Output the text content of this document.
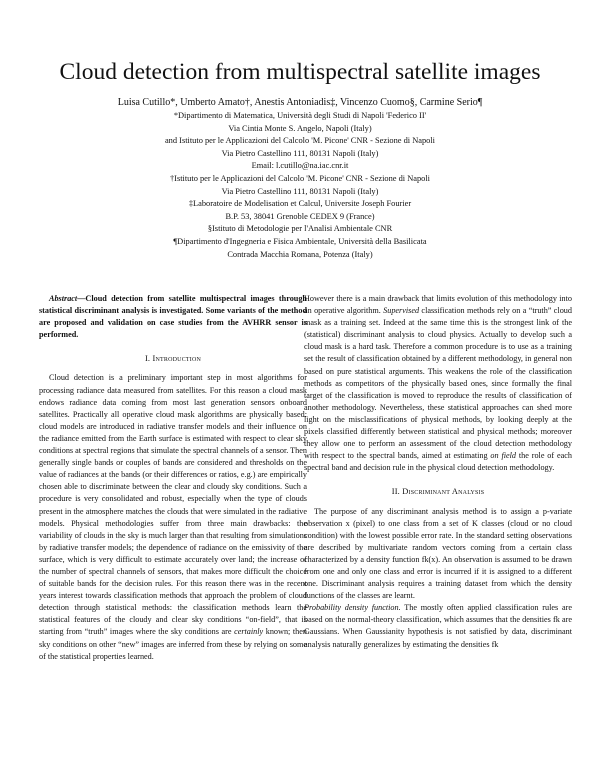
Cloud detection from multispectral satellite images
Luisa Cutillo*, Umberto Amato†, Anestis Antoniadis‡, Vincenzo Cuomo§, Carmine Serio¶
*Dipartimento di Matematica, Università degli Studi di Napoli 'Federico II'
Via Cintia Monte S. Angelo, Napoli (Italy)
and Istituto per le Applicazioni del Calcolo 'M. Picone' CNR - Sezione di Napoli
Via Pietro Castellino 111, 80131 Napoli (Italy)
Email: l.cutillo@na.iac.cnr.it
†Istituto per le Applicazioni del Calcolo 'M. Picone' CNR - Sezione di Napoli
Via Pietro Castellino 111, 80131 Napoli (Italy)
‡Laboratoire de Modelisation et Calcul, Universite Joseph Fourier
B.P. 53, 38041 Grenoble CEDEX 9 (France)
§Istituto di Metodologie per l'Analisi Ambientale CNR
¶Dipartimento d'Ingegneria e Fisica Ambientale, Università della Basilicata
Contrada Macchia Romana, Potenza (Italy)

Abstract—Cloud detection from satellite multispectral images through statistical discriminant analysis is investigated. Some variants of the method are proposed and validation on case studies from the AVHRR sensor is performed.

I. Introduction

Cloud detection is a preliminary important step in most algorithms for processing radiance data measured from satellites. For this reason a cloud mask endows radiance data coming from most last generation sensors onboard satellites. Practically all operative cloud mask algorithms are physically based: cloud models are introduced in radiative transfer models and their influence on the radiance emitted from the Earth surface is estimated with respect to clear sky conditions at spectral regions that simulate the spectral channels of a sensor. Then generally single bands or couples of bands are considered and thresholds on the value of radiances at the bands (or their differences or ratios, e.g.) are empirically chosen able to discriminate between the clear and cloudy sky conditions. Such a procedure is very consolidated and robust, especially when the type of clouds present in the atmosphere matches the clouds that were simulated in the radiative models. Physical methodologies suffer from three main drawbacks: the variability of clouds in the sky is much larger than that resulting from simulations by radiative transfer models; the dependence of radiance on the emissivity of the surface, which is very difficult to estimate accurately over land; the increase of the number of spectral channels of sensors, that makes more difficult the choice of suitable bands for the decision rules. For this reason there was in the recent years interest towards classification methods that approach the problem of cloud detection through statistical methods: the classification methods learn the statistical features of the cloudy and clear sky conditions “on-field”, that is starting from “truth” images where the sky conditions are certainly known; then sky conditions on other “new” images are inferred from these by relying on some of the statistical properties learned.

However there is a main drawback that limits evolution of this methodology into an operative algorithm. Supervised classification methods rely on a “truth” cloud mask as a training set. Indeed at the same time this is the strongest link of the (statistical) discriminant analysis to cloud physics. Actually to develop such a cloud mask is a hard task. Therefore a common procedure is to use as a training set the result of classification obtained by a different methodology, in general non based on pure statistical arguments. This weakens the role of the classification methods as competitors of the physically based ones, since formally the final target of the classification is moved to reproduce the results of classification of another methodology. Nevertheless, these statistical approaches can shed more light on the misclassifications of physical methods, by looking deeply at the pixels classified differently between statistical and physical methods; moreover they allow one to perform an assessment of the cloud detection methodology with respect to the spectral bands, aimed at estimating on field the role of each spectral band and decision rule in the physical cloud detection methodology.

II. Discriminant Analysis

The purpose of any discriminant analysis method is to assign a p-variate observation x (pixel) to one class from a set of K classes (cloud or no cloud condition) with the lowest possible error rate. In the standard setting observations are described by multivariate random vectors coming from a certain class characterized by a density function fk(x). An observation is assumed to be drawn from one and only one class and error is incurred if it is assigned to a different one. Discriminant analysis requires a training dataset from which the density functions of the classes are learnt.

Probability density function. The mostly often applied classification rules are based on the normal-theory classification, which assumes that the densities fk are Gaussians. When Gaussianity hypothesis is not satisfied by data, discriminant analysis naturally generalizes by estimating the densities fk
